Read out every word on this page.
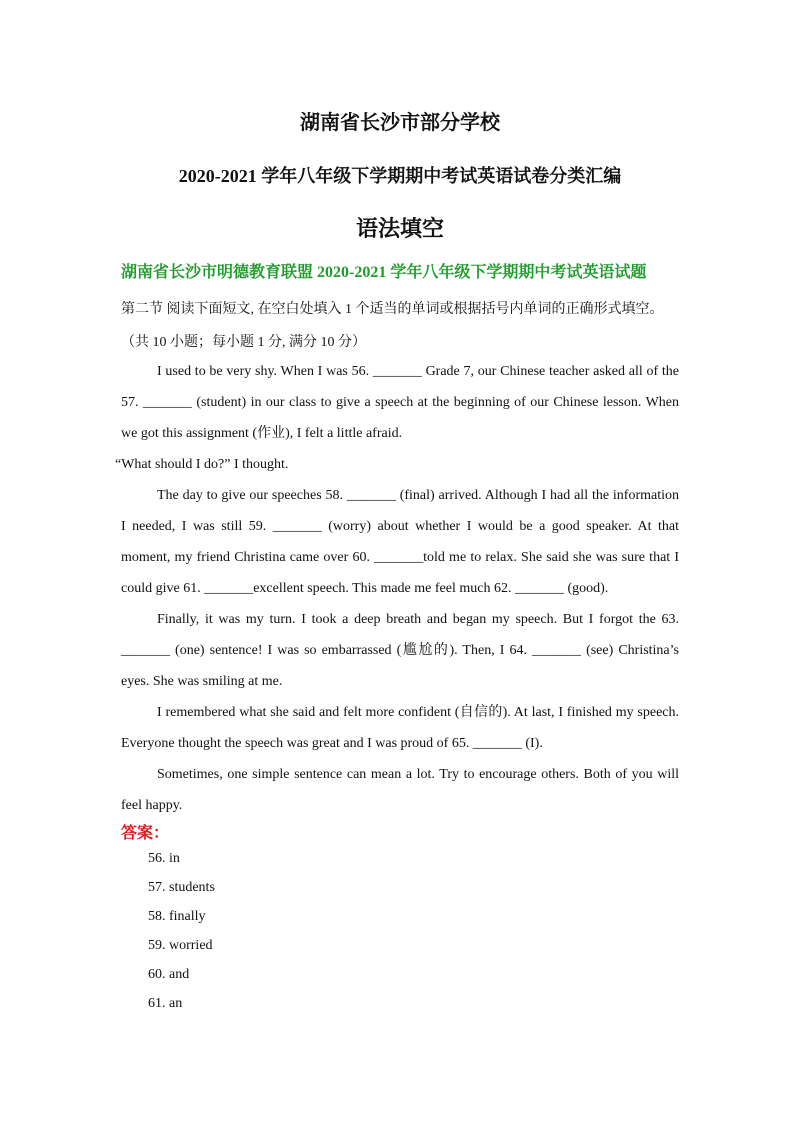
湖南省长沙市部分学校
2020-2021 学年八年级下学期期中考试英语试卷分类汇编
语法填空
湖南省长沙市明德教育联盟 2020-2021 学年八年级下学期期中考试英语试题
第二节 阅读下面短文, 在空白处填入 1 个适当的单词或根据括号内单词的正确形式填空。
（共 10 小题；每小题 1 分, 满分 10 分）

I used to be very shy. When I was 56. _______ Grade 7, our Chinese teacher asked all of the 57. _______ (student) in our class to give a speech at the beginning of our Chinese lesson. When we got this assignment (作业), I felt a little afraid.

“What should I do?” I thought.

The day to give our speeches 58. _______ (final) arrived. Although I had all the information I needed, I was still 59. _______ (worry) about whether I would be a good speaker. At that moment, my friend Christina came over 60. _______told me to relax. She said she was sure that I could give 61. _______excellent speech. This made me feel much 62. _______ (good).

Finally, it was my turn. I took a deep breath and began my speech. But I forgot the 63. _______ (one) sentence! I was so embarrassed (尴尬的). Then, I 64. _______ (see) Christina’s eyes. She was smiling at me.

I remembered what she said and felt more confident (自信的). At last, I finished my speech. Everyone thought the speech was great and I was proud of 65. _______ (I).

Sometimes, one simple sentence can mean a lot. Try to encourage others. Both of you will feel happy.

答案：
56. in
57. students
58. finally
59. worried
60. and
61. an
